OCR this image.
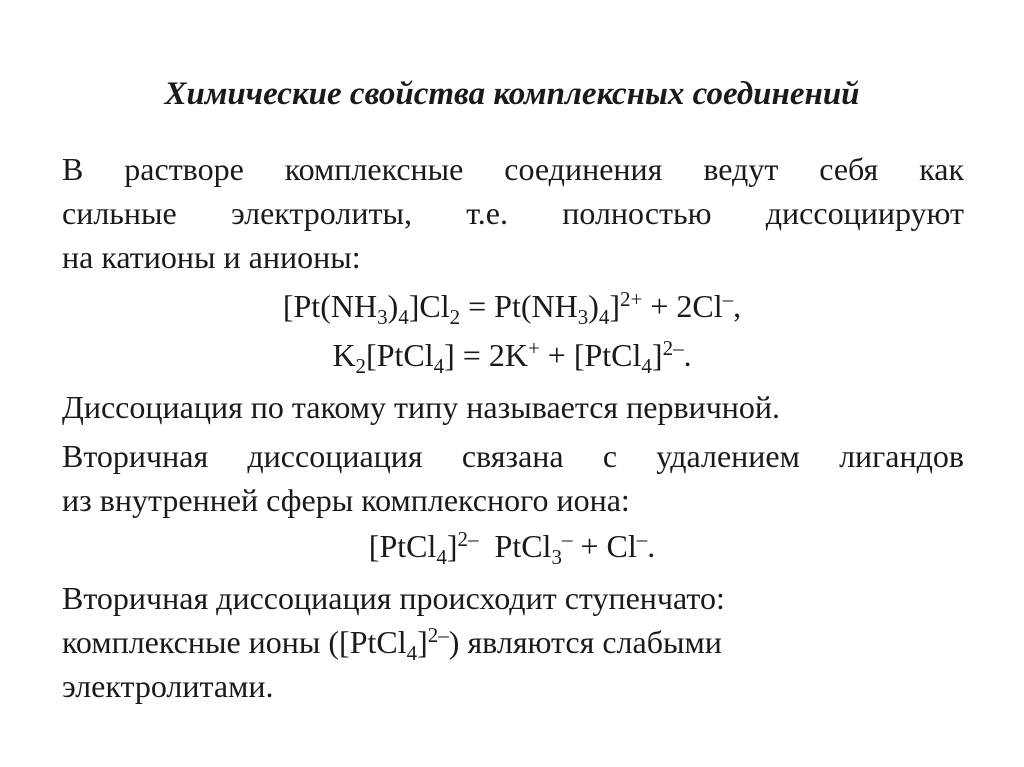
Химические свойства комплексных соединений
В растворе комплексные соединения ведут себя как
сильные электролиты, т.е. полностью диссоциируют
на катионы и анионы:
$[Pt(NH_3)_4]Cl_2 = Pt(NH_3)_4]^{2+} + 2Cl^-$,
$K_2[PtCl_4] = 2K^+$ + [PtCl$_4$]$^{2-}$.
Диссоциация по такому типу называется первичной.
Вторичная диссоциация связана с удалением лигандов
из внутренней сферы комплексного иона:
[PtCl$_4$]$^{2-}$  PtCl$_3$– + Cl–.
Вторичная диссоциация происходит ступенчато:
комплексные ионы ([PtCl$_4$]$^{2-}$) являются слабыми
электролитами.
